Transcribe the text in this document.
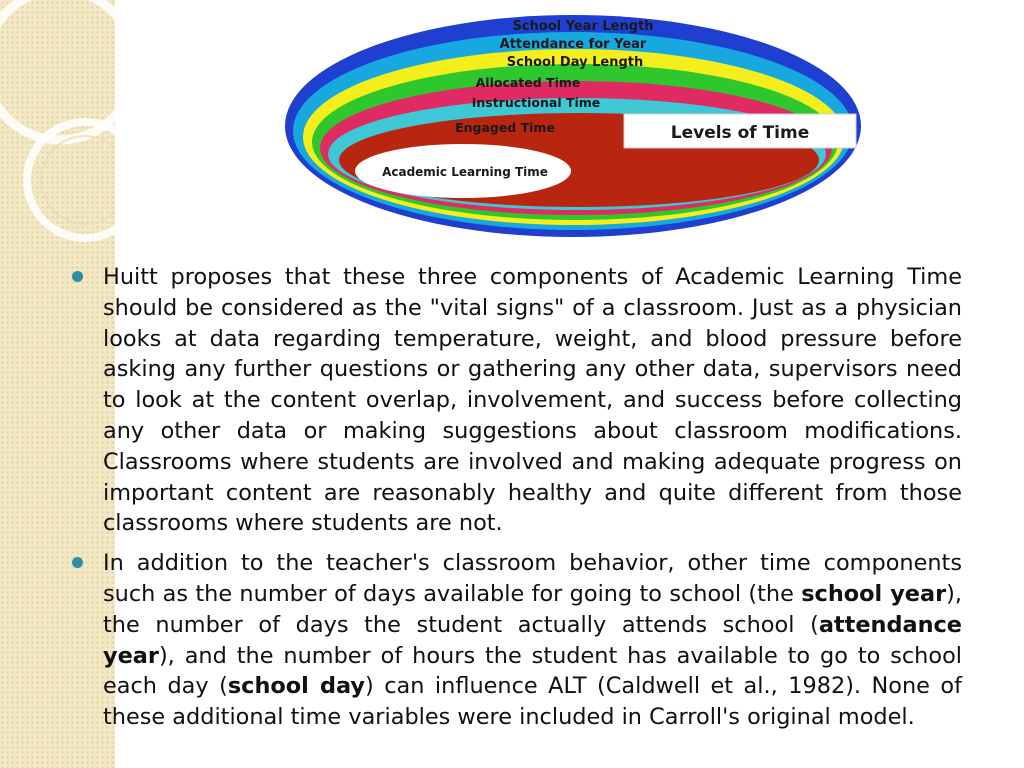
School Year Length
Attendance for Year
School Day Length
Allocated Time
Instructional Time
Engaged Time
Academic Learning Time
Levels of Time
Huitt proposes that these three components of Academic Learning Time should be considered as the "vital signs" of a classroom. Just as a physician looks at data regarding temperature, weight, and blood pressure before asking any further questions or gathering any other data, supervisors need to look at the content overlap, involvement, and success before collecting any other data or making suggestions about classroom modifications. Classrooms where students are involved and making adequate progress on important content are reasonably healthy and quite different from those classrooms where students are not.
In addition to the teacher's classroom behavior, other time components such as the number of days available for going to school (the school year), the number of days the student actually attends school (attendance year), and the number of hours the student has available to go to school each day (school day) can influence ALT (Caldwell et al., 1982). None of these additional time variables were included in Carroll's original model.
